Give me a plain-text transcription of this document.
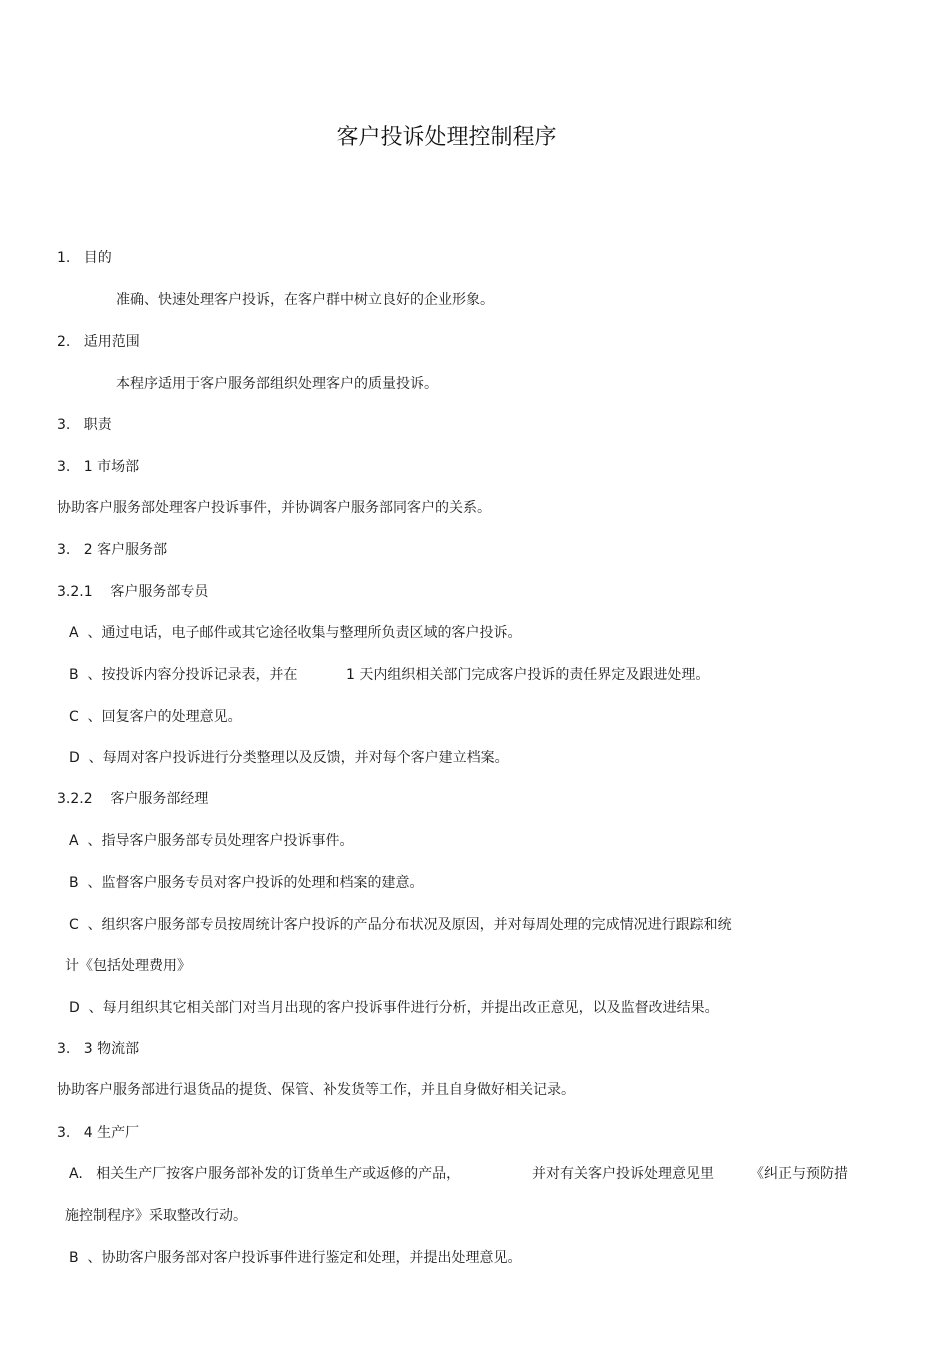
客户投诉处理控制程序
1.   目的
准确、快速处理客户投诉，在客户群中树立良好的企业形象。
2.   适用范围
本程序适用于客户服务部组织处理客户的质量投诉。
3.   职责
3.   1 市场部
协助客户服务部处理客户投诉事件，并协调客户服务部同客户的关系。
3.   2 客户服务部
3.2.1    客户服务部专员
A  、通过电话，电子邮件或其它途径收集与整理所负责区域的客户投诉。
B  、按投诉内容分投诉记录表，并在	1 天内组织相关部门完成客户投诉的责任界定及跟进处理。
C  、回复客户的处理意见。
D  、每周对客户投诉进行分类整理以及反馈，并对每个客户建立档案。
3.2.2    客户服务部经理
A  、指导客户服务部专员处理客户投诉事件。
B  、监督客户服务专员对客户投诉的处理和档案的建意。
C  、组织客户服务部专员按周统计客户投诉的产品分布状况及原因，并对每周处理的完成情况进行跟踪和统
计《包括处理费用》
D  、每月组织其它相关部门对当月出现的客户投诉事件进行分析，并提出改正意见，以及监督改进结果。
3.   3 物流部
协助客户服务部进行退货品的提货、保管、补发货等工作，并且自身做好相关记录。
3.   4 生产厂
A.   相关生产厂按客户服务部补发的订货单生产或返修的产品，	并对有关客户投诉处理意见里	《纠正与预防措
施控制程序》采取整改行动。
B  、协助客户服务部对客户投诉事件进行鉴定和处理，并提出处理意见。
